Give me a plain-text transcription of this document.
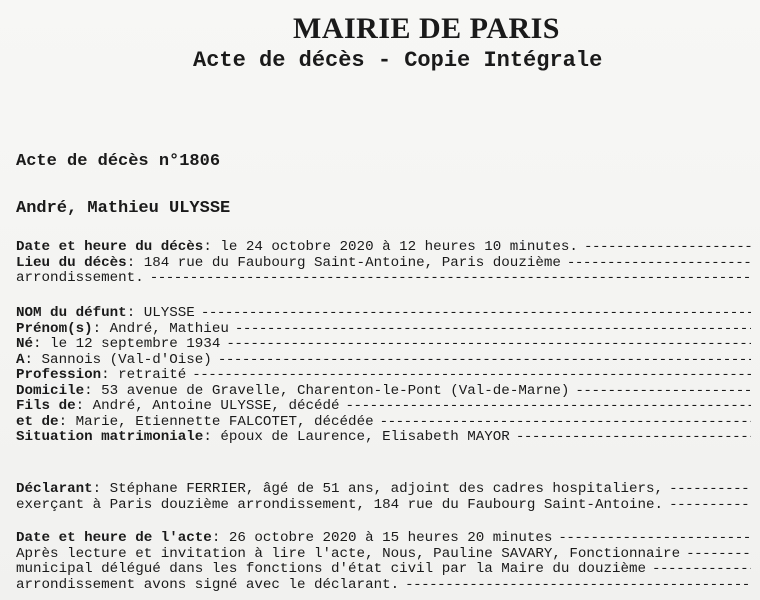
MAIRIE DE PARIS
Acte de décès - Copie Intégrale
Acte de décès n°1806
André, Mathieu ULYSSE
Date et heure du décès : le 24 octobre 2020 à 12 heures 10 minutes.
-----
Lieu du décès : 184 rue du Faubourg Saint-Antoine, Paris douzième
-----
arrondissement.
-----
NOM du défunt : ULYSSE
-----
Prénom(s) : André, Mathieu
-----
Né : le 12 septembre 1934
-----
À : Sannois (Val-d'Oise)
-----
Profession : retraité
-----
Domicile : 53 avenue de Gravelle, Charenton-le-Pont (Val-de-Marne)
-----
Fils de : André, Antoine ULYSSE, décédé
-----
et de : Marie, Etiennette FALCOTET, décédée
-----
Situation matrimoniale : époux de Laurence, Elisabeth MAYOR
-----
Déclarant : Stéphane FERRIER, âgé de 51 ans, adjoint des cadres hospitaliers,
-----
exerçant à Paris douzième arrondissement, 184 rue du Faubourg Saint-Antoine.
-----
Date et heure de l'acte : 26 octobre 2020 à 15 heures 20 minutes
-----
Après lecture et invitation à lire l'acte, Nous, Pauline SAVARY, Fonctionnaire
-----
municipal délégué dans les fonctions d'état civil par la Maire du douzième
-----
arrondissement avons signé avec le déclarant.
-----
